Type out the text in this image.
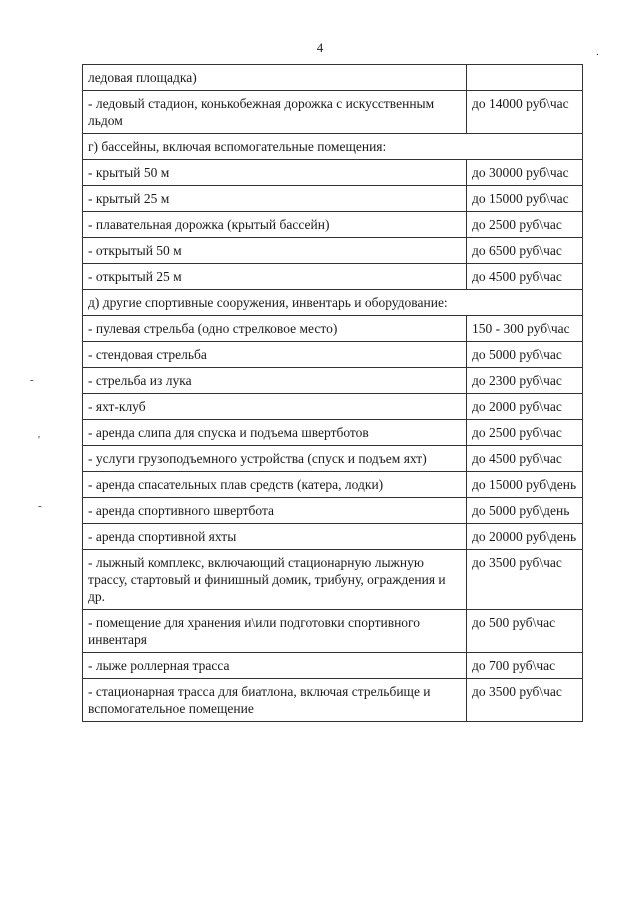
4	.
-
'
-
ледовая площадка)	
- ледовый стадион, конькобежная дорожка с искусственным льдом	до 14000 руб\час
г) бассейны, включая вспомогательные помещения:	
- крытый 50 м	до 30000 руб\час
- крытый 25 м	до 15000 руб\час
- плавательная дорожка (крытый бассейн)	до 2500 руб\час
- открытый 50 м	до 6500 руб\час
- открытый 25 м	до 4500 руб\час
д) другие спортивные сооружения, инвентарь и оборудование:	
- пулевая стрельба (одно стрелковое место)	150 - 300 руб\час
- стендовая стрельба	до 5000 руб\час
- стрельба из лука	до 2300 руб\час
- яхт-клуб	до 2000 руб\час
- аренда слипа для спуска и подъема швертботов	до 2500 руб\час
- услуги грузоподъемного устройства (спуск и подъем яхт)	до 4500 руб\час
- аренда спасательных плав средств (катера, лодки)	до 15000 руб\день
- аренда спортивного швертбота	до 5000 руб\день
- аренда спортивной яхты	до 20000 руб\день
- лыжный комплекс, включающий стационарную лыжную трассу, стартовый и финишный домик, трибуну, ограждения и др.	до 3500 руб\час
- помещение для хранения и\или подготовки спортивного инвентаря	до 500 руб\час
- лыже роллерная трасса	до 700 руб\час
- стационарная трасса для биатлона, включая стрельбище и вспомогательное помещение	до 3500 руб\час
